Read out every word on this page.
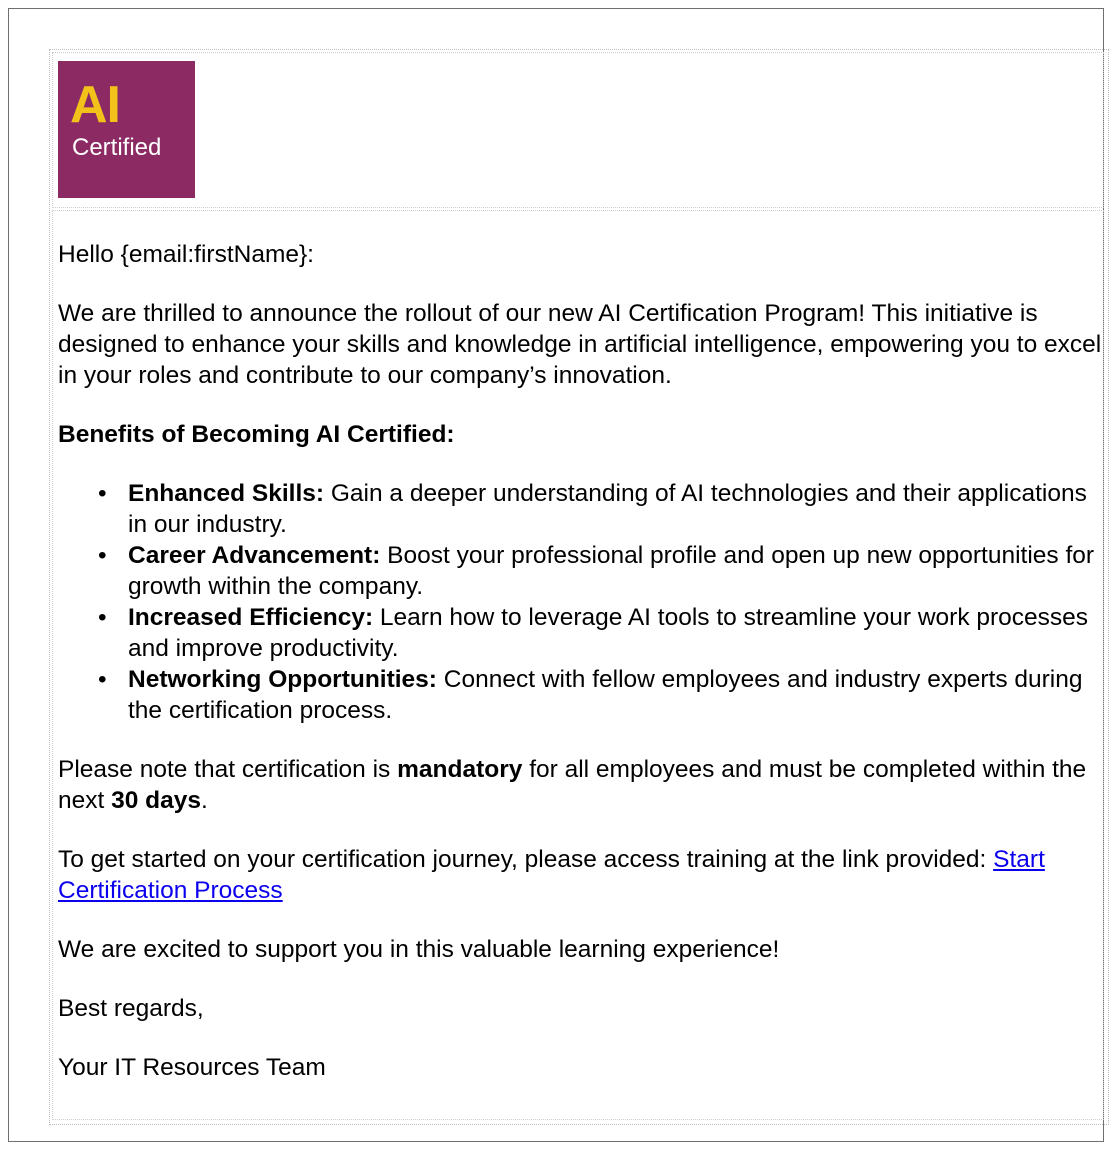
AI
Certified

Hello {email:firstName}:

We are thrilled to announce the rollout of our new AI Certification Program! This initiative is designed to enhance your skills and knowledge in artificial intelligence, empowering you to excel in your roles and contribute to our company’s innovation.

Benefits of Becoming AI Certified:

• Enhanced Skills: Gain a deeper understanding of AI technologies and their applications in our industry.
• Career Advancement: Boost your professional profile and open up new opportunities for growth within the company.
• Increased Efficiency: Learn how to leverage AI tools to streamline your work processes and improve productivity.
• Networking Opportunities: Connect with fellow employees and industry experts during the certification process.

Please note that certification is mandatory for all employees and must be completed within the next 30 days.

To get started on your certification journey, please access training at the link provided: Start Certification Process

We are excited to support you in this valuable learning experience!

Best regards,

Your IT Resources Team
